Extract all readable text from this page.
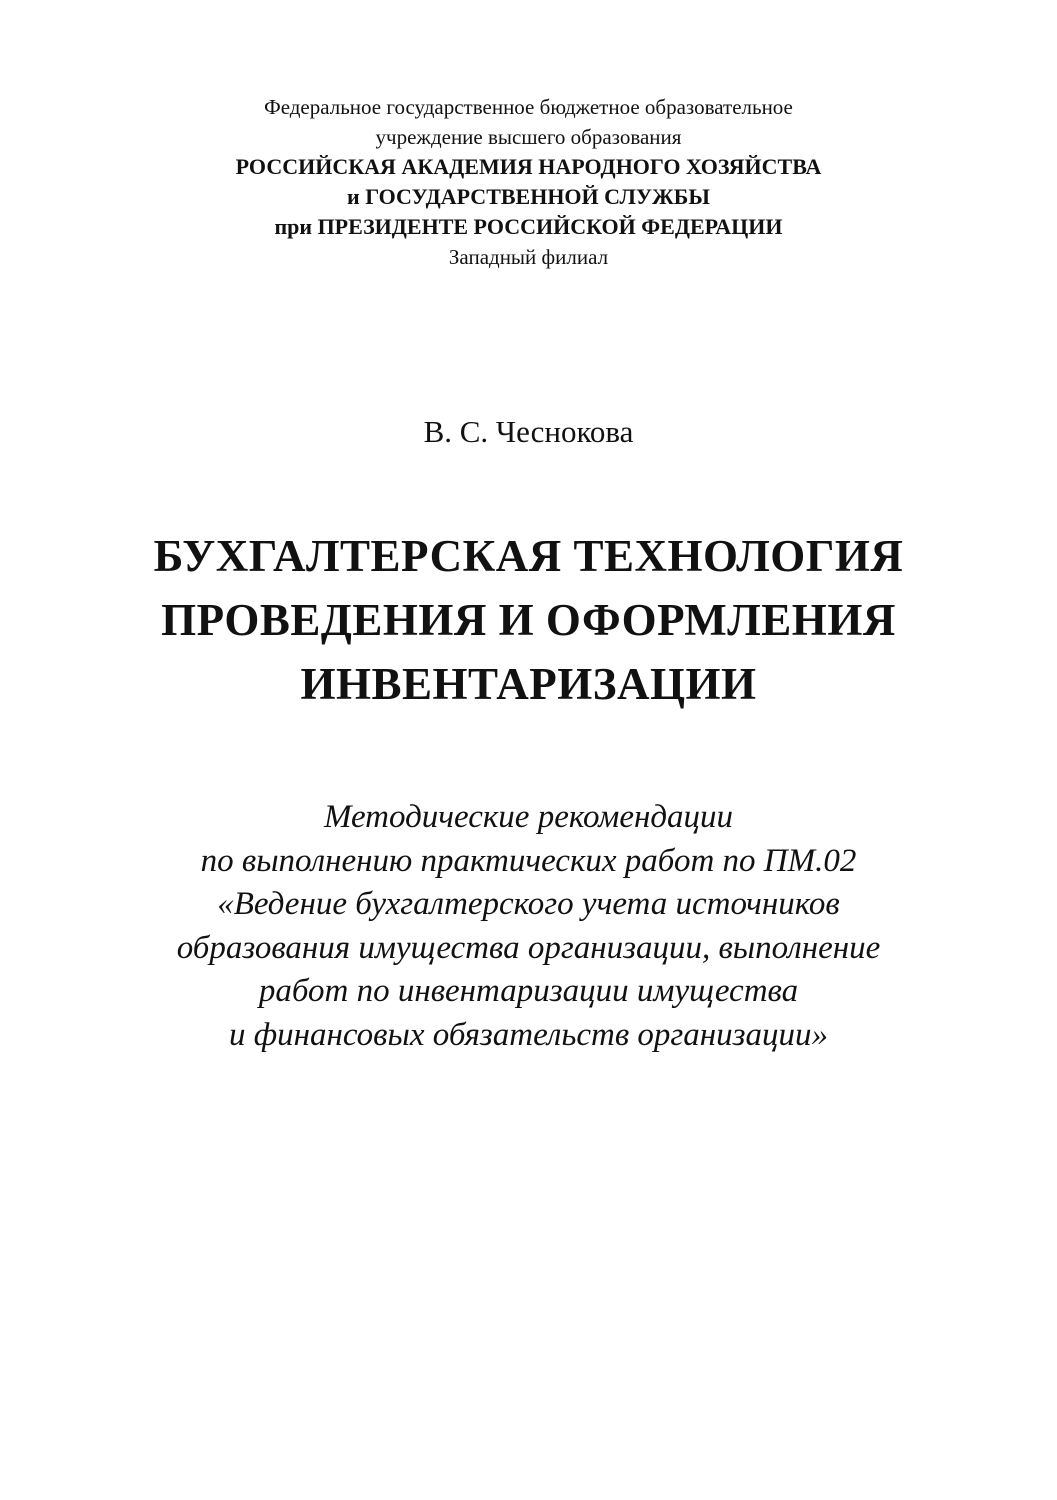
Федеральное государственное бюджетное образовательное
учреждение высшего образования
РОССИЙСКАЯ АКАДЕМИЯ НАРОДНОГО ХОЗЯЙСТВА
и ГОСУДАРСТВЕННОЙ СЛУЖБЫ
при ПРЕЗИДЕНТЕ РОССИЙСКОЙ ФЕДЕРАЦИИ
Западный филиал
В. С. Чеснокова
БУХГАЛТЕРСКАЯ ТЕХНОЛОГИЯ
ПРОВЕДЕНИЯ И ОФОРМЛЕНИЯ
ИНВЕНТАРИЗАЦИИ
Методические рекомендации
по выполнению практических работ по ПМ.02
«Ведение бухгалтерского учета источников
образования имущества организации, выполнение
работ по инвентаризации имущества
и финансовых обязательств организации»
